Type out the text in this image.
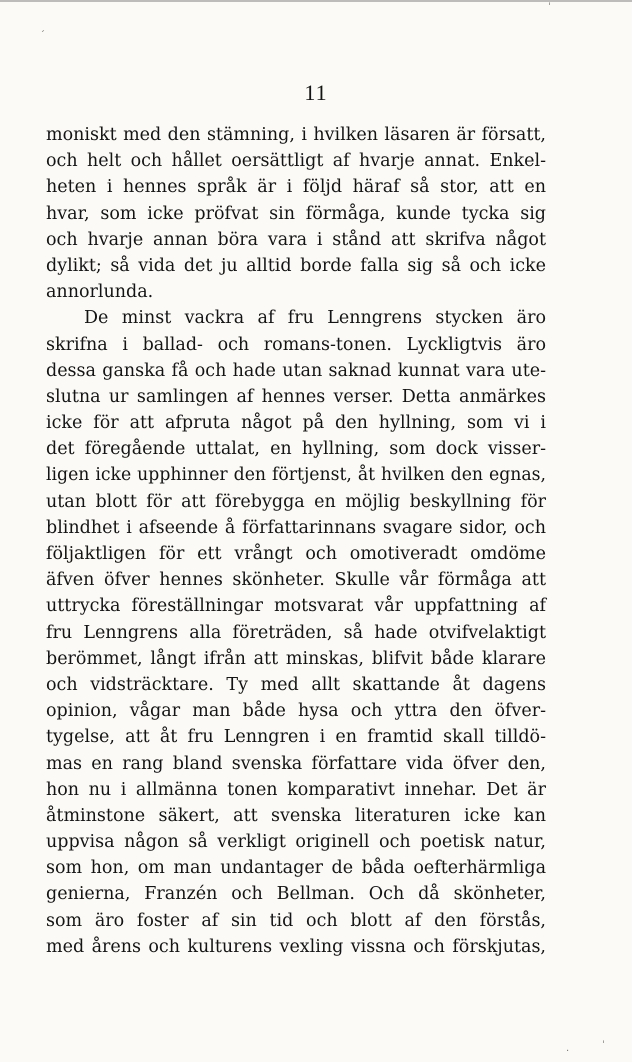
´
ˈ
11
moniskt med den stämning, i hvilken läsaren är försatt,
och helt och hållet oersättligt af hvarje annat. Enkel-
heten i hennes språk är i följd häraf så stor, att en
hvar, som icke pröfvat sin förmåga, kunde tycka sig
och hvarje annan böra vara i stånd att skrifva något
dylikt; så vida det ju alltid borde falla sig så och icke
annorlunda.
De minst vackra af fru Lenngrens stycken äro
skrifna i ballad- och romans-tonen. Lyckligtvis äro
dessa ganska få och hade utan saknad kunnat vara ute-
slutna ur samlingen af hennes verser. Detta anmärkes
icke för att afpruta något på den hyllning, som vi i
det föregående uttalat, en hyllning, som dock visser-
ligen icke upphinner den förtjenst, åt hvilken den egnas,
utan blott för att förebygga en möjlig beskyllning för
blindhet i afseende å författarinnans svagare sidor, och
följaktligen för ett vrångt och omotiveradt omdöme
äfven öfver hennes skönheter. Skulle vår förmåga att
uttrycka föreställningar motsvarat vår uppfattning af
fru Lenngrens alla företräden, så hade otvifvelaktigt
berömmet, långt ifrån att minskas, blifvit både klarare
och vidsträcktare. Ty med allt skattande åt dagens
opinion, vågar man både hysa och yttra den öfver-
tygelse, att åt fru Lenngren i en framtid skall tilldö-
mas en rang bland svenska författare vida öfver den,
hon nu i allmänna tonen komparativt innehar. Det är
åtminstone säkert, att svenska literaturen icke kan
uppvisa någon så verkligt originell och poetisk natur,
som hon, om man undantager de båda oefterhärmliga
genierna, Franzén och Bellman. Och då skönheter,
som äro foster af sin tid och blott af den förstås,
med årens och kulturens vexling vissna och förskjutas,
·
ˈ
